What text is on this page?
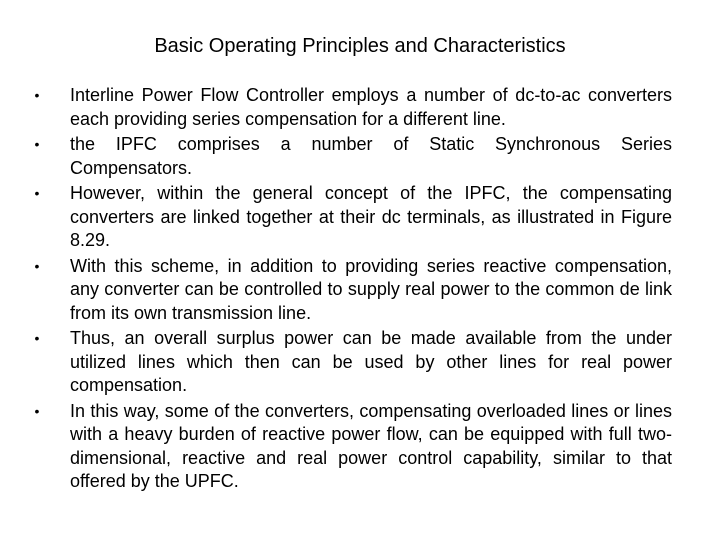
Basic Operating Principles and Characteristics
• Interline Power Flow Controller employs a number of dc-to-ac converters each providing series compensation for a different line.
• the IPFC comprises a number of Static Synchronous Series Compensators.
• However, within the general concept of the IPFC, the compensating converters are linked together at their dc terminals, as illustrated in Figure 8.29.
• With this scheme, in addition to providing series reactive compensation, any converter can be controlled to supply real power to the common de link from its own transmission line.
• Thus, an overall surplus power can be made available from the under utilized lines which then can be used by other lines for real power compensation.
• In this way, some of the converters, compensating overloaded lines or lines with a heavy burden of reactive power flow, can be equipped with full two-dimensional, reactive and real power control capability, similar to that offered by the UPFC.
